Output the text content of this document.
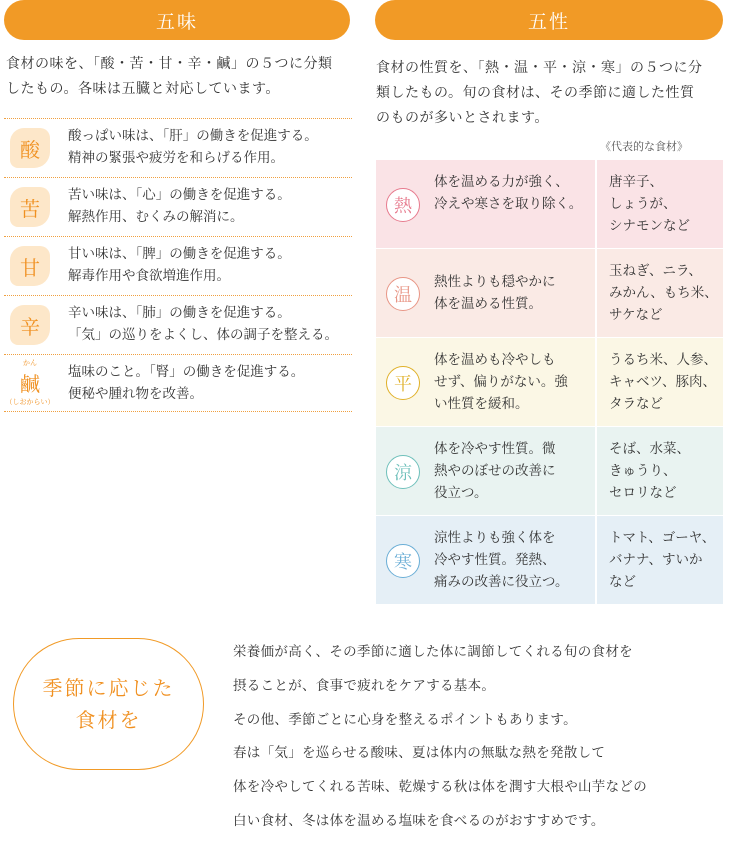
五味	五性
食材の味を、「酸・苦・甘・辛・鹹」の５つに分類
したもの。各味は五臓と対応しています。
食材の性質を、「熱・温・平・涼・寒」の５つに分
類したもの。旬の食材は、その季節に適した性質
のものが多いとされます。
酸
酸っぱい味は、「肝」の働きを促進する。
精神の緊張や疲労を和らげる作用。
苦
苦い味は、「心」の働きを促進する。
解熱作用、むくみの解消に。
甘
甘い味は、「脾」の働きを促進する。
解毒作用や食欲増進作用。
辛
辛い味は、「肺」の働きを促進する。
「気」の巡りをよくし、体の調子を整える。
かん
鹹
（しおからい）
塩味のこと。「腎」の働きを促進する。
便秘や腫れ物を改善。
《代表的な食材》
熱
体を温める力が強く、
冷えや寒さを取り除く。
唐辛子、
しょうが、
シナモンなど
温
熱性よりも穏やかに
体を温める性質。
玉ねぎ、ニラ、
みかん、もち米、
サケなど
平
体を温めも冷やしも
せず、偏りがない。強
い性質を緩和。
うるち米、人参、
キャベツ、豚肉、
タラなど
涼
体を冷やす性質。微
熱やのぼせの改善に
役立つ。
そば、水菜、
きゅうり、
セロリなど
寒
涼性よりも強く体を
冷やす性質。発熱、
痛みの改善に役立つ。
トマト、ゴーヤ、
バナナ、すいか
など
季節に応じた
食材を
栄養価が高く、その季節に適した体に調節してくれる旬の食材を
摂ることが、食事で疲れをケアする基本。
その他、季節ごとに心身を整えるポイントもあります。
春は「気」を巡らせる酸味、夏は体内の無駄な熱を発散して
体を冷やしてくれる苦味、乾燥する秋は体を潤す大根や山芋などの
白い食材、冬は体を温める塩味を食べるのがおすすめです。
